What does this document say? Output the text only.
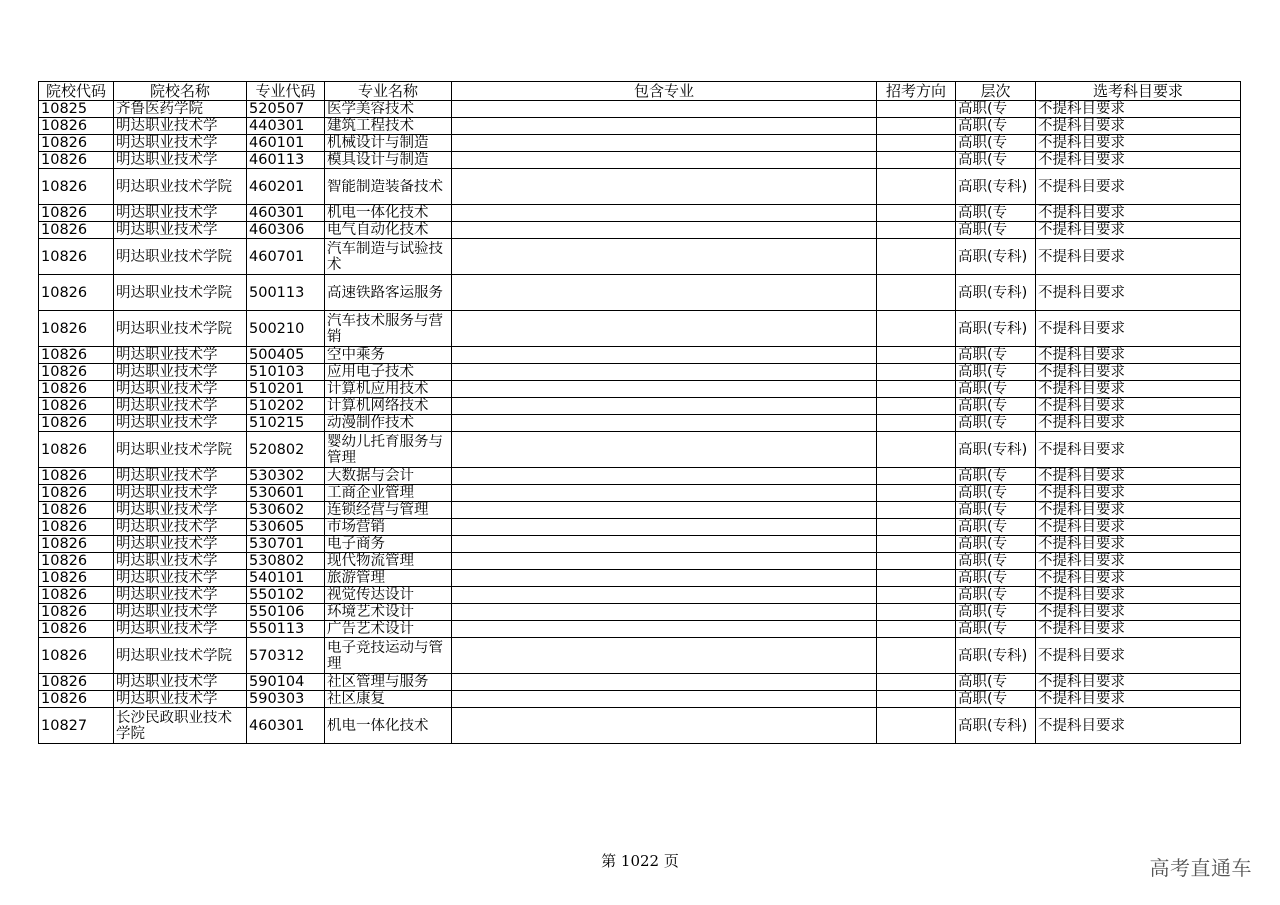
院校代码	院校名称	专业代码	专业名称	包含专业	招考方向	层次	选考科目要求

10825	齐鲁医药学院	520507	医学美容技术			高职(专	不提科目要求

10826	明达职业技术学	440301	建筑工程技术			高职(专	不提科目要求

10826	明达职业技术学	460101	机械设计与制造			高职(专	不提科目要求

10826	明达职业技术学	460113	模具设计与制造			高职(专	不提科目要求

10826	明达职业技术学院	460201	智能制造装备技术			高职(专科)	不提科目要求

10826	明达职业技术学	460301	机电一体化技术			高职(专	不提科目要求

10826	明达职业技术学	460306	电气自动化技术			高职(专	不提科目要求

10826	明达职业技术学院	460701	汽车制造与试验技术			高职(专科)	不提科目要求

10826	明达职业技术学院	500113	高速铁路客运服务			高职(专科)	不提科目要求

10826	明达职业技术学院	500210	汽车技术服务与营销			高职(专科)	不提科目要求

10826	明达职业技术学	500405	空中乘务			高职(专	不提科目要求

10826	明达职业技术学	510103	应用电子技术			高职(专	不提科目要求

10826	明达职业技术学	510201	计算机应用技术			高职(专	不提科目要求

10826	明达职业技术学	510202	计算机网络技术			高职(专	不提科目要求

10826	明达职业技术学	510215	动漫制作技术			高职(专	不提科目要求

10826	明达职业技术学院	520802	婴幼儿托育服务与管理			高职(专科)	不提科目要求

10826	明达职业技术学	530302	大数据与会计			高职(专	不提科目要求

10826	明达职业技术学	530601	工商企业管理			高职(专	不提科目要求

10826	明达职业技术学	530602	连锁经营与管理			高职(专	不提科目要求

10826	明达职业技术学	530605	市场营销			高职(专	不提科目要求

10826	明达职业技术学	530701	电子商务			高职(专	不提科目要求

10826	明达职业技术学	530802	现代物流管理			高职(专	不提科目要求

10826	明达职业技术学	540101	旅游管理			高职(专	不提科目要求

10826	明达职业技术学	550102	视觉传达设计			高职(专	不提科目要求

10826	明达职业技术学	550106	环境艺术设计			高职(专	不提科目要求

10826	明达职业技术学	550113	广告艺术设计			高职(专	不提科目要求

10826	明达职业技术学院	570312	电子竞技运动与管理			高职(专科)	不提科目要求

10826	明达职业技术学	590104	社区管理与服务			高职(专	不提科目要求

10826	明达职业技术学	590303	社区康复			高职(专	不提科目要求

10827	长沙民政职业技术学院	460301	机电一体化技术			高职(专科)	不提科目要求
第 1022 页	高考直通车
